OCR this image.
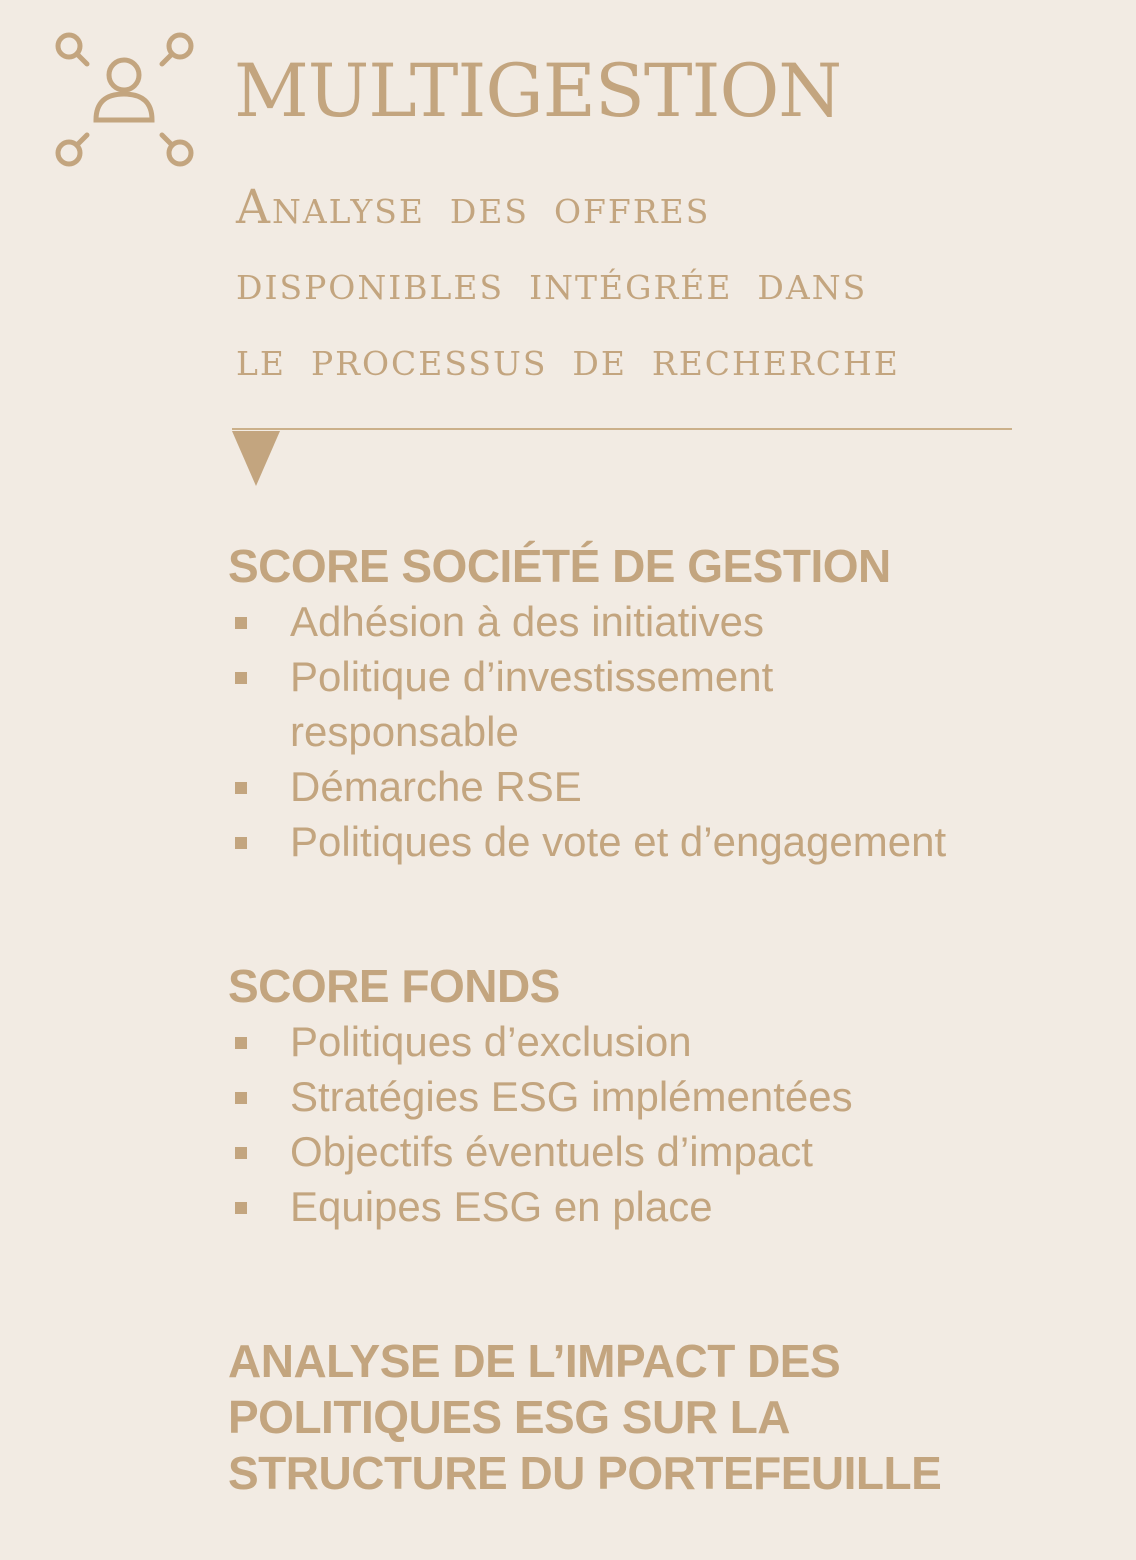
MULTIGESTION
Analyse des offres
disponibles intégrée dans
le processus de recherche
SCORE SOCIÉTÉ DE GESTION
Adhésion à des initiatives
Politique d’investissement
responsable
Démarche RSE
Politiques de vote et d’engagement
SCORE FONDS
Politiques d’exclusion
Stratégies ESG implémentées
Objectifs éventuels d’impact
Equipes ESG en place
ANALYSE DE L’IMPACT DES
POLITIQUES ESG SUR LA
STRUCTURE DU PORTEFEUILLE
